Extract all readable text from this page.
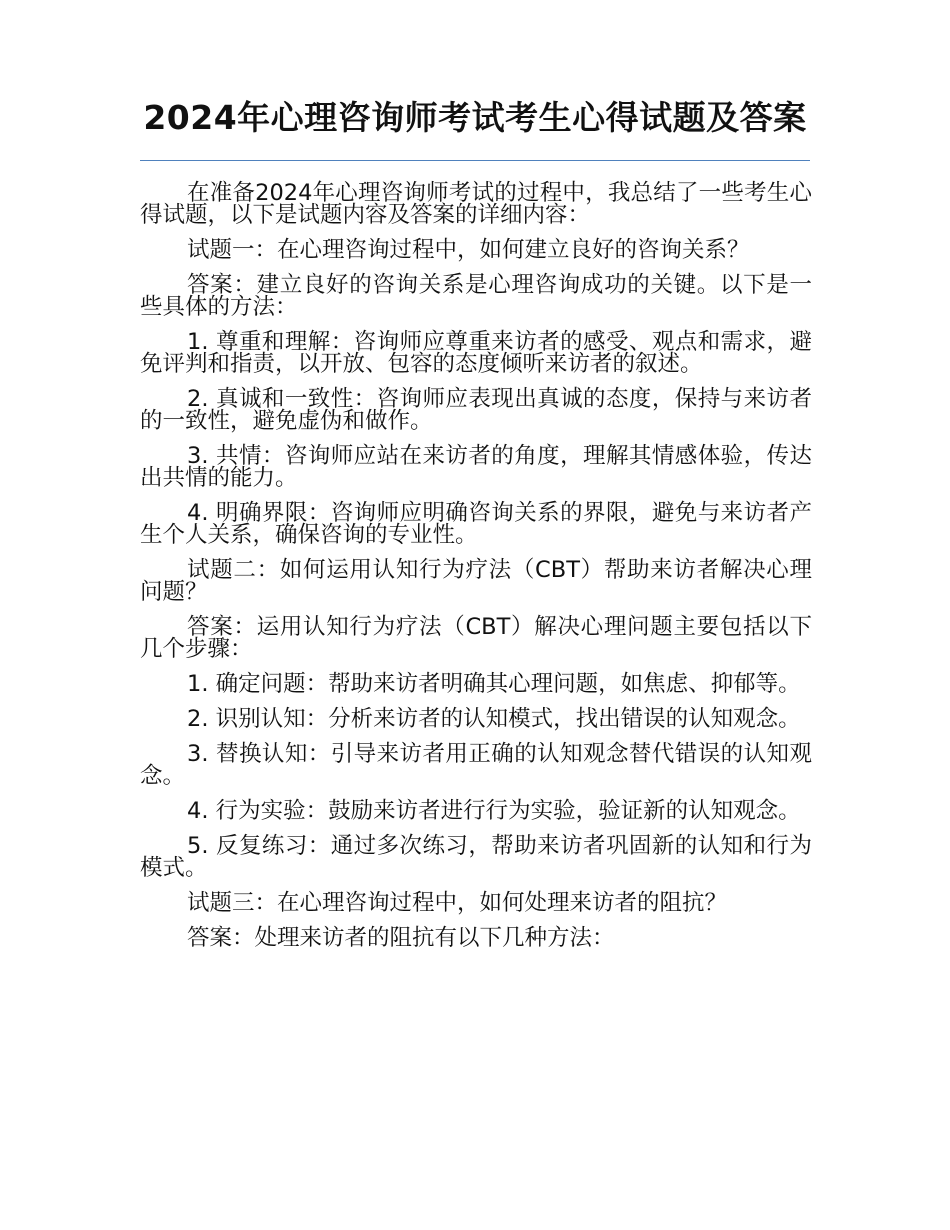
2024年心理咨询师考试考生心得试题及答案

在准备2024年心理咨询师考试的过程中，我总结了一些考生心得试题，以下是试题内容及答案的详细内容：

试题一：在心理咨询过程中，如何建立良好的咨询关系？

答案：建立良好的咨询关系是心理咨询成功的关键。以下是一些具体的方法：

1. 尊重和理解：咨询师应尊重来访者的感受、观点和需求，避免评判和指责，以开放、包容的态度倾听来访者的叙述。

2. 真诚和一致性：咨询师应表现出真诚的态度，保持与来访者的一致性，避免虚伪和做作。

3. 共情：咨询师应站在来访者的角度，理解其情感体验，传达出共情的能力。

4. 明确界限：咨询师应明确咨询关系的界限，避免与来访者产生个人关系，确保咨询的专业性。

试题二：如何运用认知行为疗法（CBT）帮助来访者解决心理问题？

答案：运用认知行为疗法（CBT）解决心理问题主要包括以下几个步骤：

1. 确定问题：帮助来访者明确其心理问题，如焦虑、抑郁等。

2. 识别认知：分析来访者的认知模式，找出错误的认知观念。

3. 替换认知：引导来访者用正确的认知观念替代错误的认知观念。

4. 行为实验：鼓励来访者进行行为实验，验证新的认知观念。

5. 反复练习：通过多次练习，帮助来访者巩固新的认知和行为模式。

试题三：在心理咨询过程中，如何处理来访者的阻抗？

答案：处理来访者的阻抗有以下几种方法：
